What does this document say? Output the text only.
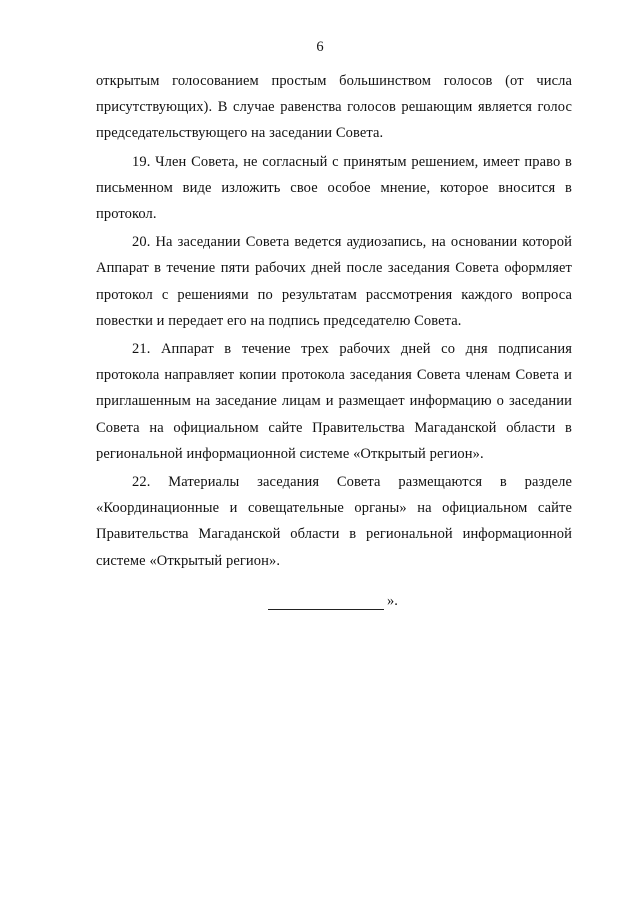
6

открытым голосованием простым большинством голосов (от числа присутствующих). В случае равенства голосов решающим является голос председательствующего на заседании Совета.

19. Член Совета, не согласный с принятым решением, имеет право в письменном виде изложить свое особое мнение, которое вносится в протокол.

20. На заседании Совета ведется аудиозапись, на основании которой Аппарат в течение пяти рабочих дней после заседания Совета оформляет протокол с решениями по результатам рассмотрения каждого вопроса повестки и передает его на подпись председателю Совета.

21. Аппарат в течение трех рабочих дней со дня подписания протокола направляет копии протокола заседания Совета членам Совета и приглашенным на заседание лицам и размещает информацию о заседании Совета на официальном сайте Правительства Магаданской области в региональной информационной системе «Открытый регион».

22. Материалы заседания Совета размещаются в разделе «Координационные и совещательные органы» на официальном сайте Правительства Магаданской области в региональной информационной системе «Открытый регион».

».
